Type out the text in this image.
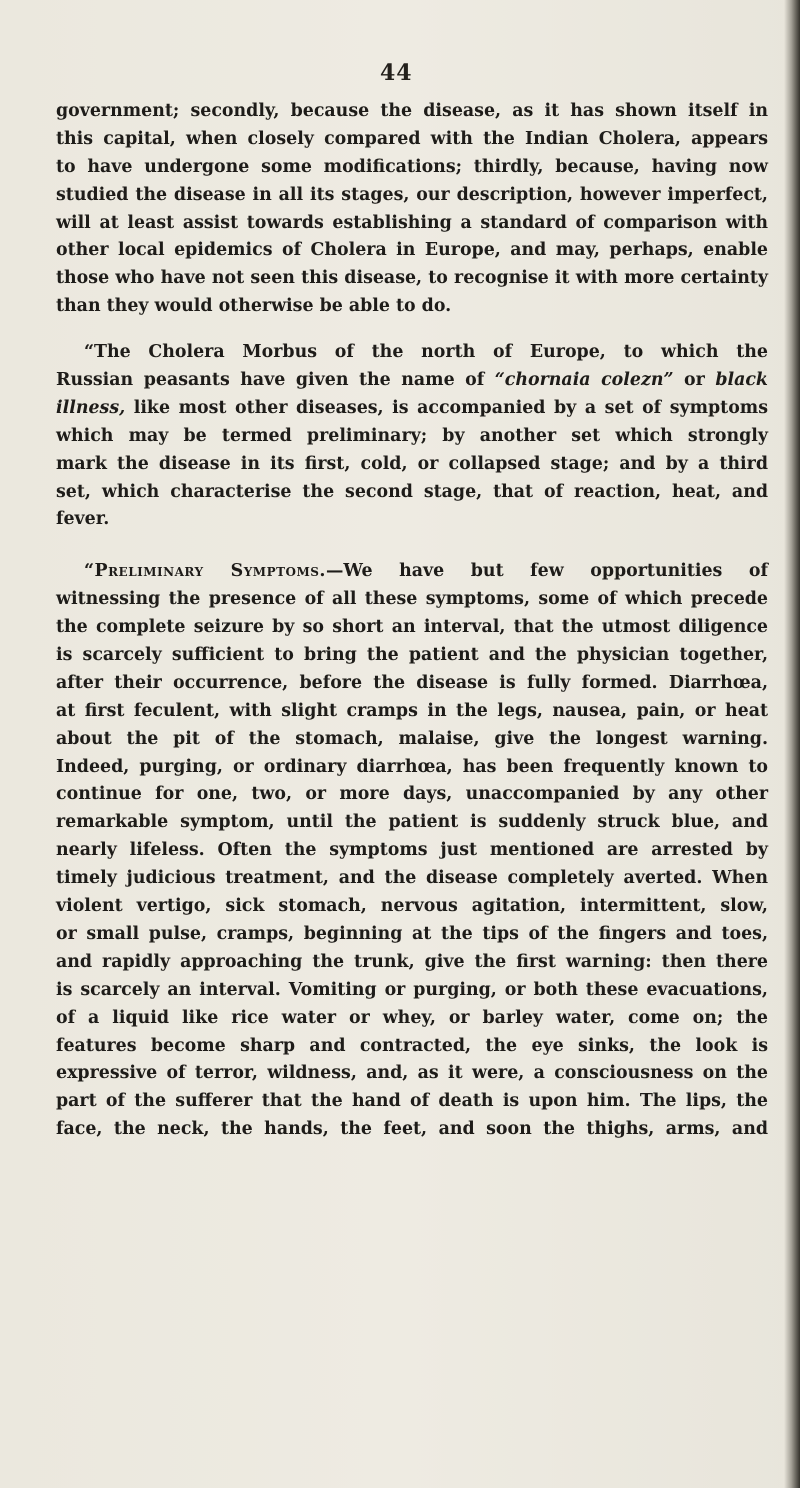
44
government; secondly, because the disease, as it has shown itself in
this capital, when closely compared with the Indian Cholera, appears
to have undergone some modifications; thirdly, because, having now
studied the disease in all its stages, our description, however imperfect,
will at least assist towards establishing a standard of comparison with
other local epidemics of Cholera in Europe, and may, perhaps, enable
those who have not seen this disease, to recognise it with more certainty
than they would otherwise be able to do.
“The Cholera Morbus of the north of Europe, to which the
Russian peasants have given the name of “chornaia colezn” or black
illness, like most other diseases, is accompanied by a set of symptoms
which may be termed preliminary; by another set which strongly
mark the disease in its first, cold, or collapsed stage; and by a third
set, which characterise the second stage, that of reaction, heat, and
fever.
“Preliminary Symptoms.—We have but few opportunities of
witnessing the presence of all these symptoms, some of which precede
the complete seizure by so short an interval, that the utmost diligence
is scarcely sufficient to bring the patient and the physician together,
after their occurrence, before the disease is fully formed. Diarrhœa,
at first feculent, with slight cramps in the legs, nausea, pain, or heat
about the pit of the stomach, malaise, give the longest warning.
Indeed, purging, or ordinary diarrhœa, has been frequently known to
continue for one, two, or more days, unaccompanied by any other
remarkable symptom, until the patient is suddenly struck blue, and
nearly lifeless. Often the symptoms just mentioned are arrested by
timely judicious treatment, and the disease completely averted. When
violent vertigo, sick stomach, nervous agitation, intermittent, slow,
or small pulse, cramps, beginning at the tips of the fingers and toes,
and rapidly approaching the trunk, give the first warning: then there
is scarcely an interval. Vomiting or purging, or both these evacuations,
of a liquid like rice water or whey, or barley water, come on; the
features become sharp and contracted, the eye sinks, the look is
expressive of terror, wildness, and, as it were, a consciousness on the
part of the sufferer that the hand of death is upon him. The lips, the
face, the neck, the hands, the feet, and soon the thighs, arms, and
